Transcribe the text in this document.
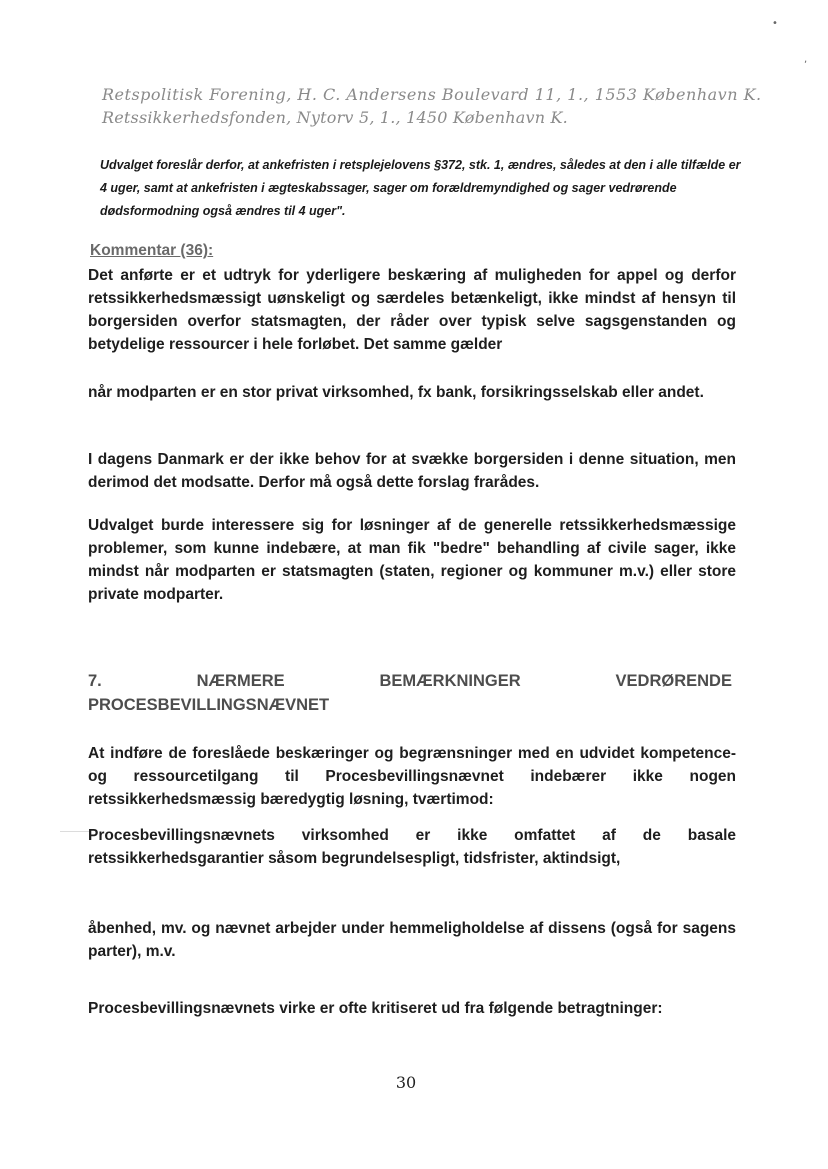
•
,
Retspolitisk Forening, H. C. Andersens Boulevard 11, 1., 1553 København K.
Retssikkerhedsfonden, Nytorv 5, 1., 1450 København K.
Udvalget foreslår derfor, at ankefristen i retsplejelovens §372, stk. 1, ændres, således at den i alle tilfælde er 4 uger, samt at ankefristen i ægteskabssager, sager om forældremyndighed og sager vedrørende dødsformodning også ændres til 4 uger".
Kommentar (36):
Det anførte er et udtryk for yderligere beskæring af muligheden for appel og derfor retssikkerhedsmæssigt uønskeligt og særdeles betænkeligt, ikke mindst af hensyn til borgersiden overfor statsmagten, der råder over typisk selve sagsgenstanden og betydelige ressourcer i hele forløbet. Det samme gælder
når modparten er en stor privat virksomhed, fx bank, forsikringsselskab eller andet.
I dagens Danmark er der ikke behov for at svække borgersiden i denne situation, men derimod det modsatte. Derfor må også dette forslag frarådes.
Udvalget burde interessere sig for løsninger af de generelle retssikkerhedsmæssige problemer, som kunne indebære, at man fik "bedre" behandling af civile sager, ikke mindst når modparten er statsmagten (staten, regioner og kommuner m.v.) eller store private modparter.
7.	NÆRMERE	BEMÆRKNINGER	VEDRØRENDE
PROCESBEVILLINGSNÆVNET
At indføre de foreslåede beskæringer og begrænsninger med en udvidet kompetence- og ressourcetilgang til Procesbevillingsnævnet indebærer ikke nogen retssikkerhedsmæssig bæredygtig løsning, tværtimod:
Procesbevillingsnævnets virksomhed er ikke omfattet af de basale retssikkerhedsgarantier såsom begrundelsespligt, tidsfrister, aktindsigt,
åbenhed, mv. og nævnet arbejder under hemmeligholdelse af dissens (også for sagens parter), m.v.
Procesbevillingsnævnets virke er ofte kritiseret ud fra følgende betragtninger:
30
